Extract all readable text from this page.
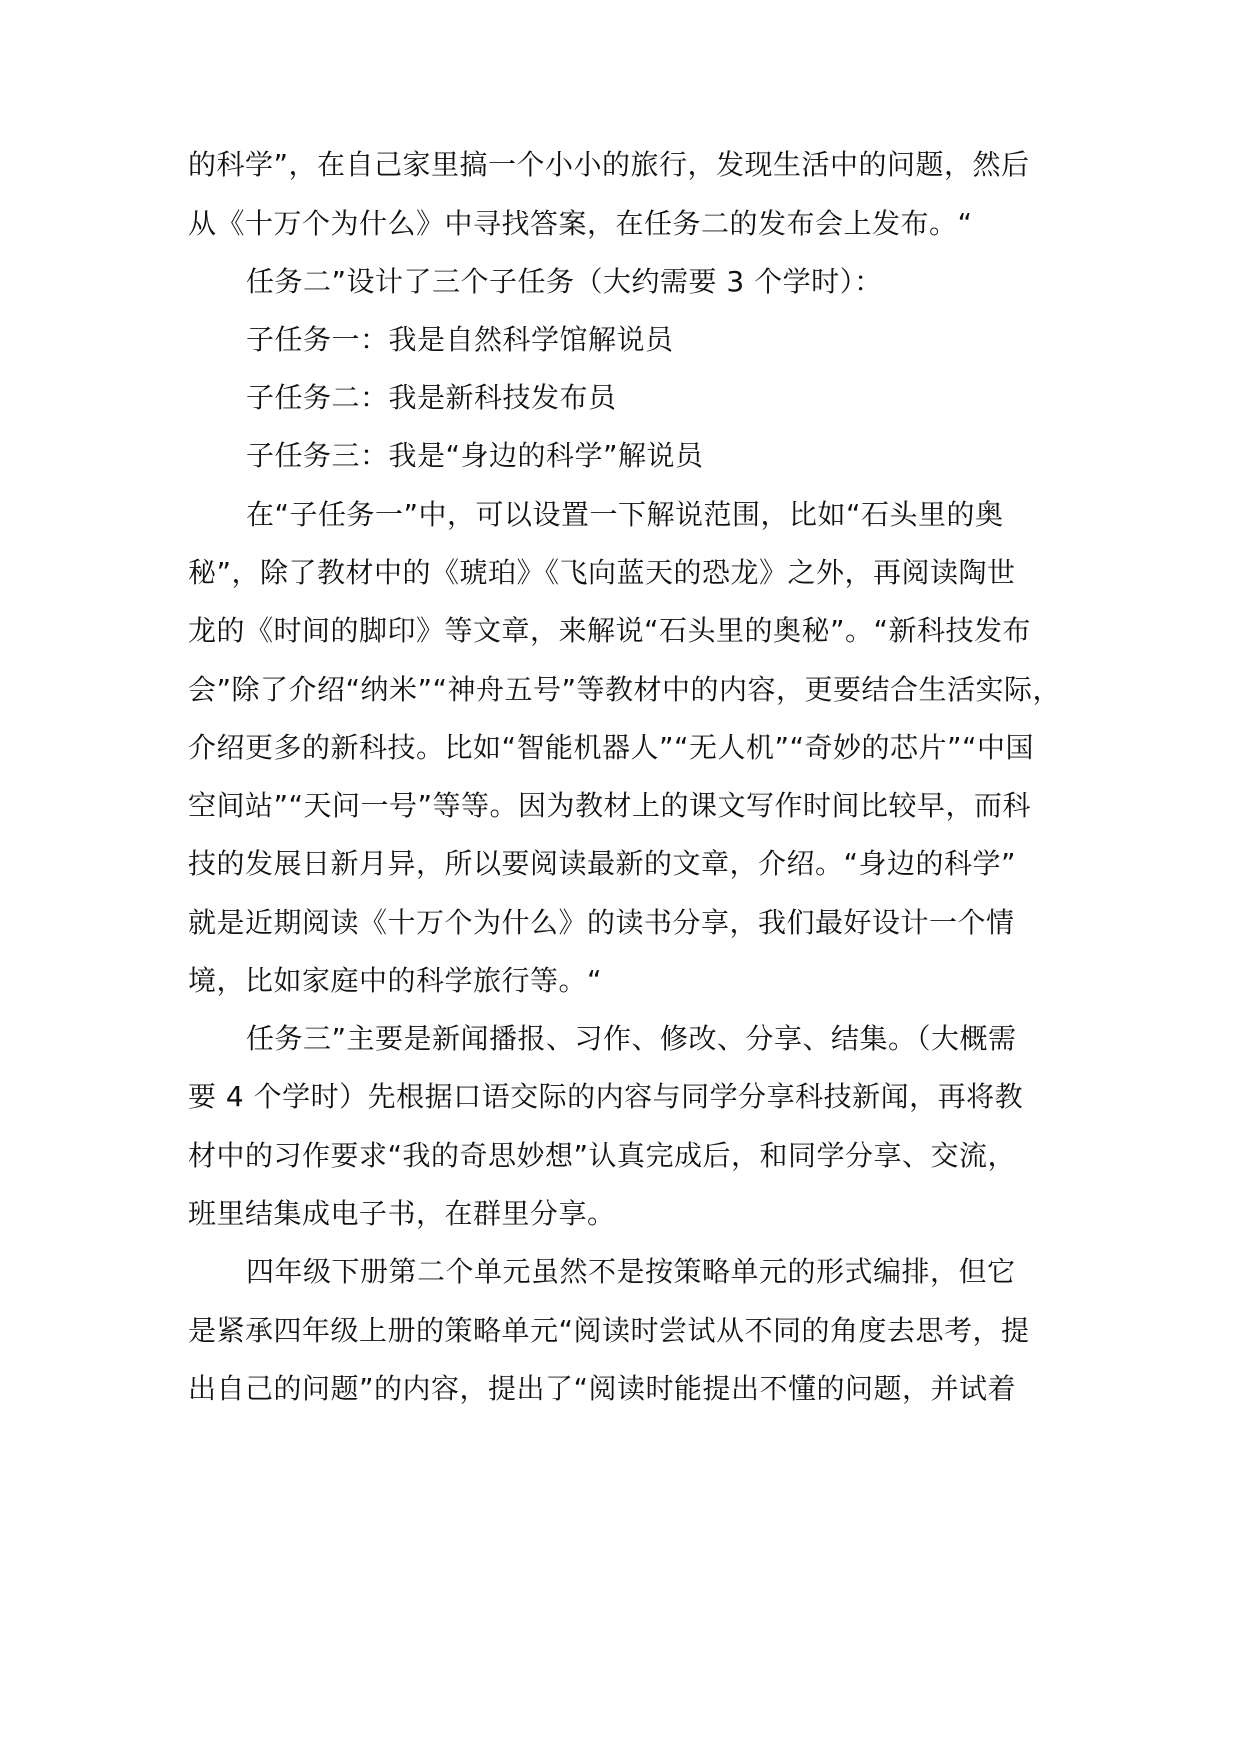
的科学”，在自己家里搞一个小小的旅行，发现生活中的问题，然后
从《十万个为什么》中寻找答案，在任务二的发布会上发布。“
任务二”设计了三个子任务（大约需要 3 个学时）：
子任务一：我是自然科学馆解说员
子任务二：我是新科技发布员
子任务三：我是“身边的科学”解说员
在“子任务一”中，可以设置一下解说范围，比如“石头里的奥
秘”，除了教材中的《琥珀》《飞向蓝天的恐龙》之外，再阅读陶世
龙的《时间的脚印》等文章，来解说“石头里的奥秘”。“新科技发布
会”除了介绍“纳米”“神舟五号”等教材中的内容，更要结合生活实际，
介绍更多的新科技。比如“智能机器人”“无人机”“奇妙的芯片”“中国
空间站”“天问一号”等等。因为教材上的课文写作时间比较早，而科
技的发展日新月异，所以要阅读最新的文章，介绍。“身边的科学”
就是近期阅读《十万个为什么》的读书分享，我们最好设计一个情
境，比如家庭中的科学旅行等。“
任务三”主要是新闻播报、习作、修改、分享、结集。（大概需
要 4 个学时）先根据口语交际的内容与同学分享科技新闻，再将教
材中的习作要求“我的奇思妙想”认真完成后，和同学分享、交流，
班里结集成电子书，在群里分享。
四年级下册第二个单元虽然不是按策略单元的形式编排，但它
是紧承四年级上册的策略单元“阅读时尝试从不同的角度去思考，提
出自己的问题”的内容，提出了“阅读时能提出不懂的问题，并试着
